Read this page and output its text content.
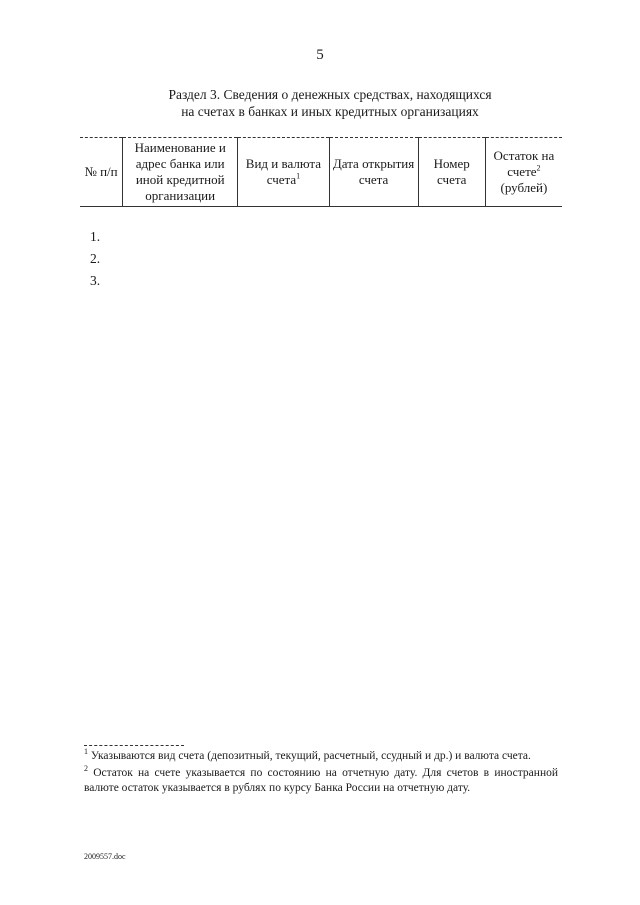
5
Раздел 3. Сведения о денежных средствах, находящихся
на счетах в банках и иных кредитных организациях
№ п/п	Наименование и адрес банка или иной кредитной организации	Вид и валюта счета$^1$	Дата открытия счета	Номер счета	Остаток на счете$^2$
(рублей)
1.
2.
3.

$^1$ Указываются вид счета (депозитный, текущий, расчетный, ссудный и др.) и валюта счета.

$^2$ Остаток на счете указывается по состоянию на отчетную дату. Для счетов в иностранной валюте остаток указывается в рублях по курсу Банка России на отчетную дату.

2009557.doc
